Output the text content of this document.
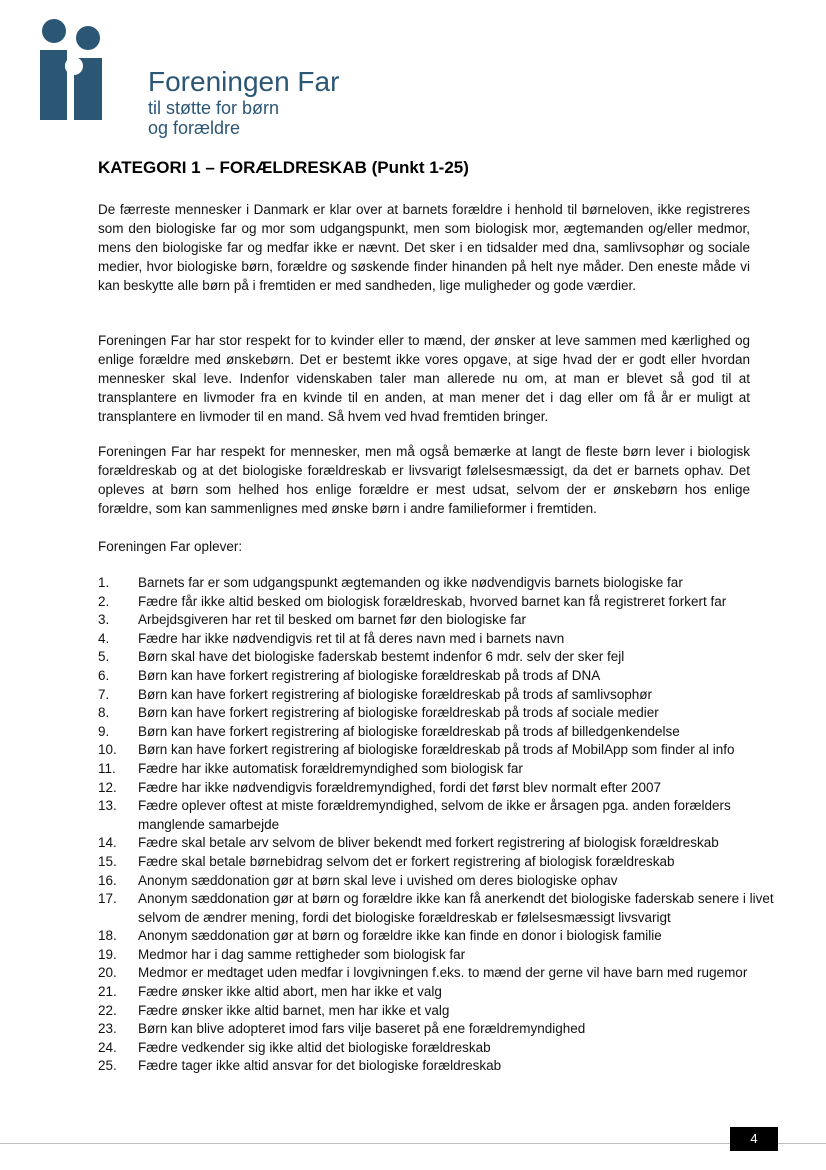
Foreningen Far
til støtte for børn
og forældre
KATEGORI 1 – FORÆLDRESKAB (Punkt 1-25)

De færreste mennesker i Danmark er klar over at barnets forældre i henhold til børneloven, ikke registreres som den biologiske far og mor som udgangspunkt, men som biologisk mor, ægtemanden og/eller medmor, mens den biologiske far og medfar ikke er nævnt. Det sker i en tidsalder med dna, samlivsophør og sociale medier, hvor biologiske børn, forældre og søskende finder hinanden på helt nye måder. Den eneste måde vi kan beskytte alle børn på i fremtiden er med sandheden, lige muligheder og gode værdier.

Foreningen Far har stor respekt for to kvinder eller to mænd, der ønsker at leve sammen med kærlighed og enlige forældre med ønskebørn. Det er bestemt ikke vores opgave, at sige hvad der er godt eller hvordan mennesker skal leve. Indenfor videnskaben taler man allerede nu om, at man er blevet så god til at transplantere en livmoder fra en kvinde til en anden, at man mener det i dag eller om få år er muligt at transplantere en livmoder til en mand. Så hvem ved hvad fremtiden bringer.

Foreningen Far har respekt for mennesker, men må også bemærke at langt de fleste børn lever i biologisk forældreskab og at det biologiske forældreskab er livsvarigt følelsesmæssigt, da det er barnets ophav. Det opleves at børn som helhed hos enlige forældre er mest udsat, selvom der er ønskebørn hos enlige forældre, som kan sammenlignes med ønske børn i andre familieformer i fremtiden.

Foreningen Far oplever:
1. Barnets far er som udgangspunkt ægtemanden og ikke nødvendigvis barnets biologiske far
2. Fædre får ikke altid besked om biologisk forældreskab, hvorved barnet kan få registreret forkert far
3. Arbejdsgiveren har ret til besked om barnet før den biologiske far
4. Fædre har ikke nødvendigvis ret til at få deres navn med i barnets navn
5. Børn skal have det biologiske faderskab bestemt indenfor 6 mdr. selv der sker fejl
6. Børn kan have forkert registrering af biologiske forældreskab på trods af DNA
7. Børn kan have forkert registrering af biologiske forældreskab på trods af samlivsophør
8. Børn kan have forkert registrering af biologiske forældreskab på trods af sociale medier
9. Børn kan have forkert registrering af biologiske forældreskab på trods af billedgenkendelse
10. Børn kan have forkert registrering af biologiske forældreskab på trods af MobilApp som finder al info
11. Fædre har ikke automatisk forældremyndighed som biologisk far
12. Fædre har ikke nødvendigvis forældremyndighed, fordi det først blev normalt efter 2007
13. Fædre oplever oftest at miste forældremyndighed, selvom de ikke er årsagen pga. anden forælders manglende samarbejde
14. Fædre skal betale arv selvom de bliver bekendt med forkert registrering af biologisk forældreskab
15. Fædre skal betale børnebidrag selvom det er forkert registrering af biologisk forældreskab
16. Anonym sæddonation gør at børn skal leve i uvished om deres biologiske ophav
17. Anonym sæddonation gør at børn og forældre ikke kan få anerkendt det biologiske faderskab senere i livet selvom de ændrer mening, fordi det biologiske forældreskab er følelsesmæssigt livsvarigt
18. Anonym sæddonation gør at børn og forældre ikke kan finde en donor i biologisk familie
19. Medmor har i dag samme rettigheder som biologisk far
20. Medmor er medtaget uden medfar i lovgivningen f.eks. to mænd der gerne vil have barn med rugemor
21. Fædre ønsker ikke altid abort, men har ikke et valg
22. Fædre ønsker ikke altid barnet, men har ikke et valg
23. Børn kan blive adopteret imod fars vilje baseret på ene forældremyndighed
24. Fædre vedkender sig ikke altid det biologiske forældreskab
25. Fædre tager ikke altid ansvar for det biologiske forældreskab
4
